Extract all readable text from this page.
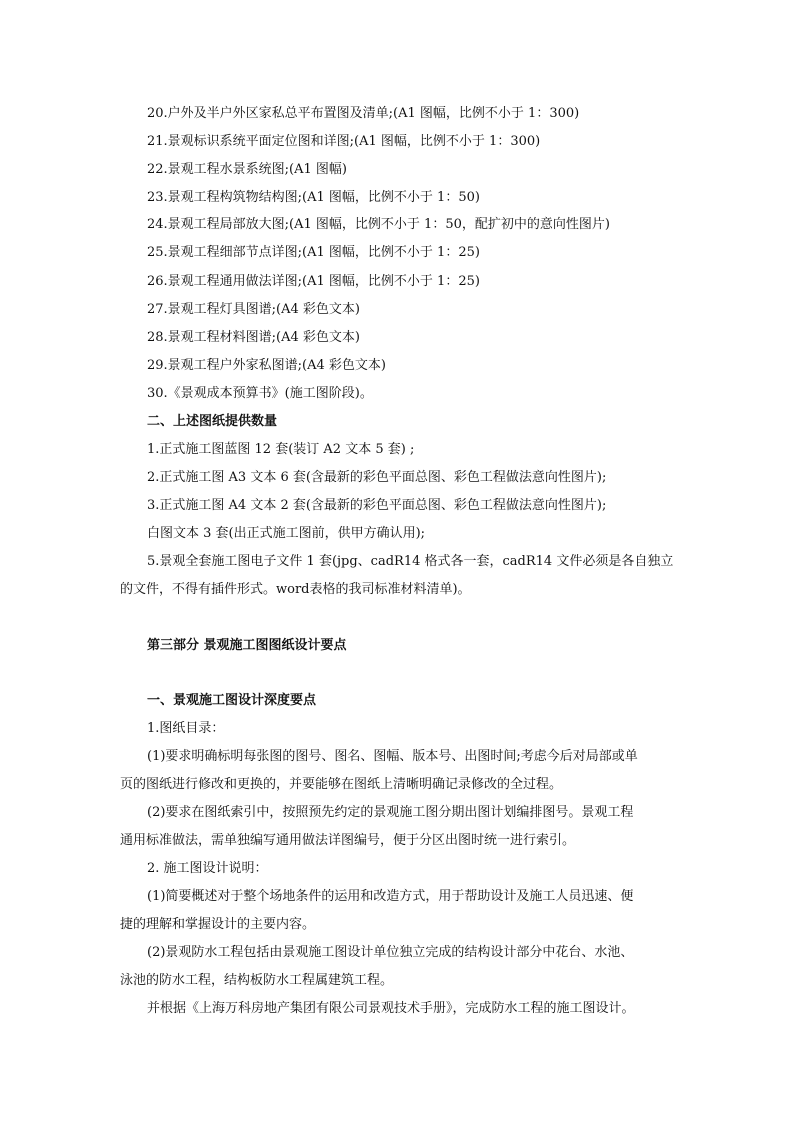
20.户外及半户外区家私总平布置图及清单;(A1 图幅，比例不小于 1：300)
21.景观标识系统平面定位图和详图;(A1 图幅，比例不小于 1：300)
22.景观工程水景系统图;(A1 图幅)
23.景观工程构筑物结构图;(A1 图幅，比例不小于 1：50)
24.景观工程局部放大图;(A1 图幅，比例不小于 1：50，配扩初中的意向性图片)
25.景观工程细部节点详图;(A1 图幅，比例不小于 1：25)
26.景观工程通用做法详图;(A1 图幅，比例不小于 1：25)
27.景观工程灯具图谱;(A4 彩色文本)
28.景观工程材料图谱;(A4 彩色文本)
29.景观工程户外家私图谱;(A4 彩色文本)
30.《景观成本预算书》(施工图阶段)。
二、上述图纸提供数量
1.正式施工图蓝图 12 套(装订 A2 文本 5 套) ;
2.正式施工图 A3 文本 6 套(含最新的彩色平面总图、彩色工程做法意向性图片);
3.正式施工图 A4 文本 2 套(含最新的彩色平面总图、彩色工程做法意向性图片);
白图文本 3 套(出正式施工图前，供甲方确认用);
5.景观全套施工图电子文件 1 套(jpg、cadR14 格式各一套，cadR14 文件必须是各自独立
的文件，不得有插件形式。word表格的我司标准材料清单)。
第三部分 景观施工图图纸设计要点
一、景观施工图设计深度要点
1.图纸目录：
(1)要求明确标明每张图的图号、图名、图幅、版本号、出图时间;考虑今后对局部或单
页的图纸进行修改和更换的，并要能够在图纸上清晰明确记录修改的全过程。
(2)要求在图纸索引中，按照预先约定的景观施工图分期出图计划编排图号。景观工程
通用标准做法，需单独编写通用做法详图编号，便于分区出图时统一进行索引。
2. 施工图设计说明：
(1)简要概述对于整个场地条件的运用和改造方式，用于帮助设计及施工人员迅速、便
捷的理解和掌握设计的主要内容。
(2)景观防水工程包括由景观施工图设计单位独立完成的结构设计部分中花台、水池、
泳池的防水工程，结构板防水工程属建筑工程。
并根据《上海万科房地产集团有限公司景观技术手册》，完成防水工程的施工图设计。
